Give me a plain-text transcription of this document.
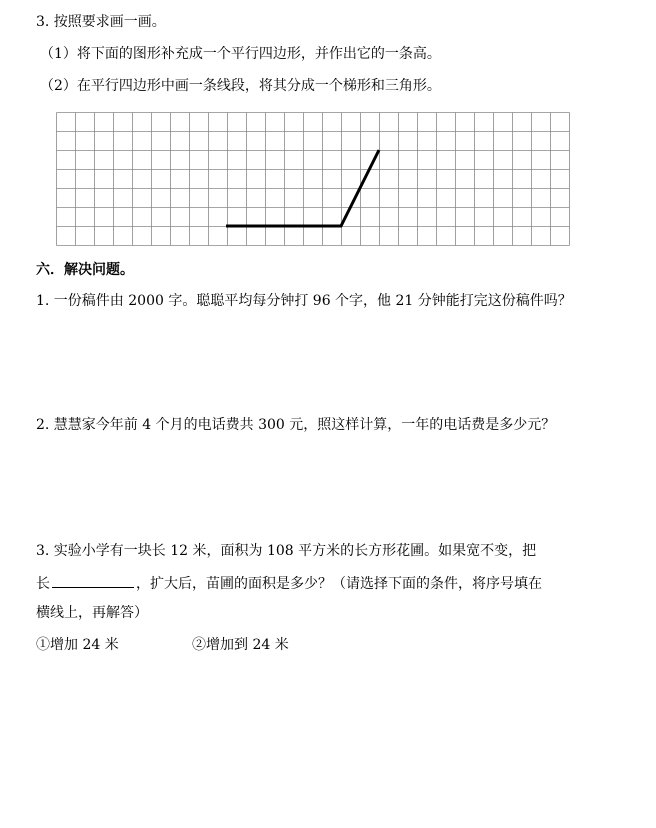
3. 按照要求画一画。
（1）将下面的图形补充成一个平行四边形，并作出它的一条高。
（2）在平行四边形中画一条线段，将其分成一个梯形和三角形。
六．解决问题。
1. 一份稿件由 2000 字。聪聪平均每分钟打 96 个字，他 21 分钟能打完这份稿件吗？
2. 慧慧家今年前 4 个月的电话费共 300 元，照这样计算，一年的电话费是多少元？
3. 实验小学有一块长 12 米，面积为 108 平方米的长方形花圃。如果宽不变，把
长	，扩大后，苗圃的面积是多少？（请选择下面的条件，将序号填在
横线上，再解答）
①增加 24 米	②增加到 24 米
